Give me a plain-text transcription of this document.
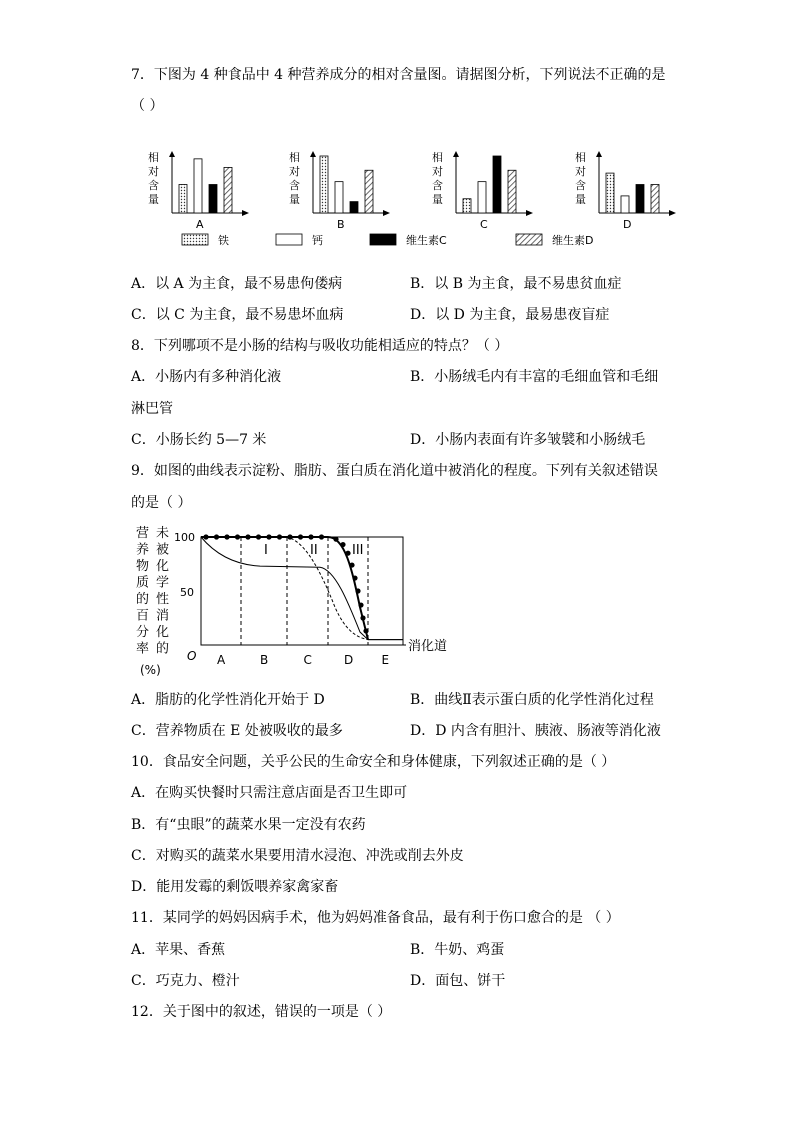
7．下图为 4 种食品中 4 种营养成分的相对含量图。请据图分析，下列说法不正确的是
（ ）
相
对
含
量
A
相
对
含
量
B
相
对
含
量
C
相
对
含
量
D
铁	钙	维生素C	维生素D
A．以 A 为主食，最不易患佝偻病	B．以 B 为主食，最不易患贫血症
C．以 C 为主食，最不易患坏血病	D．以 D 为主食，最易患夜盲症
8．下列哪项不是小肠的结构与吸收功能相适应的特点？（ ）
A．小肠内有多种消化液	B．小肠绒毛内有丰富的毛细血管和毛细
淋巴管
C．小肠长约 5—7 米	D．小肠内表面有许多皱襞和小肠绒毛
9．如图的曲线表示淀粉、脂肪、蛋白质在消化道中被消化的程度。下列有关叙述错误
的是（ ）
营
养
物
质
的
百
分
率
未
被
化
学
性
消
化
的
(%)
O
50
100
A	B	C	D E
I	II	III
消化道
A．脂肪的化学性消化开始于 D	B．曲线Ⅱ表示蛋白质的化学性消化过程
C．营养物质在 E 处被吸收的最多	D．D 内含有胆汁、胰液、肠液等消化液
10．食品安全问题，关乎公民的生命安全和身体健康，下列叙述正确的是（ ）
A．在购买快餐时只需注意店面是否卫生即可
B．有“虫眼”的蔬菜水果一定没有农药
C．对购买的蔬菜水果要用清水浸泡、冲洗或削去外皮
D．能用发霉的剩饭喂养家禽家畜
11．某同学的妈妈因病手术，他为妈妈准备食品，最有利于伤口愈合的是 （ ）
A．苹果、香蕉	B．牛奶、鸡蛋
C．巧克力、橙汁	D．面包、饼干
12．关于图中的叙述，错误的一项是（ ）
